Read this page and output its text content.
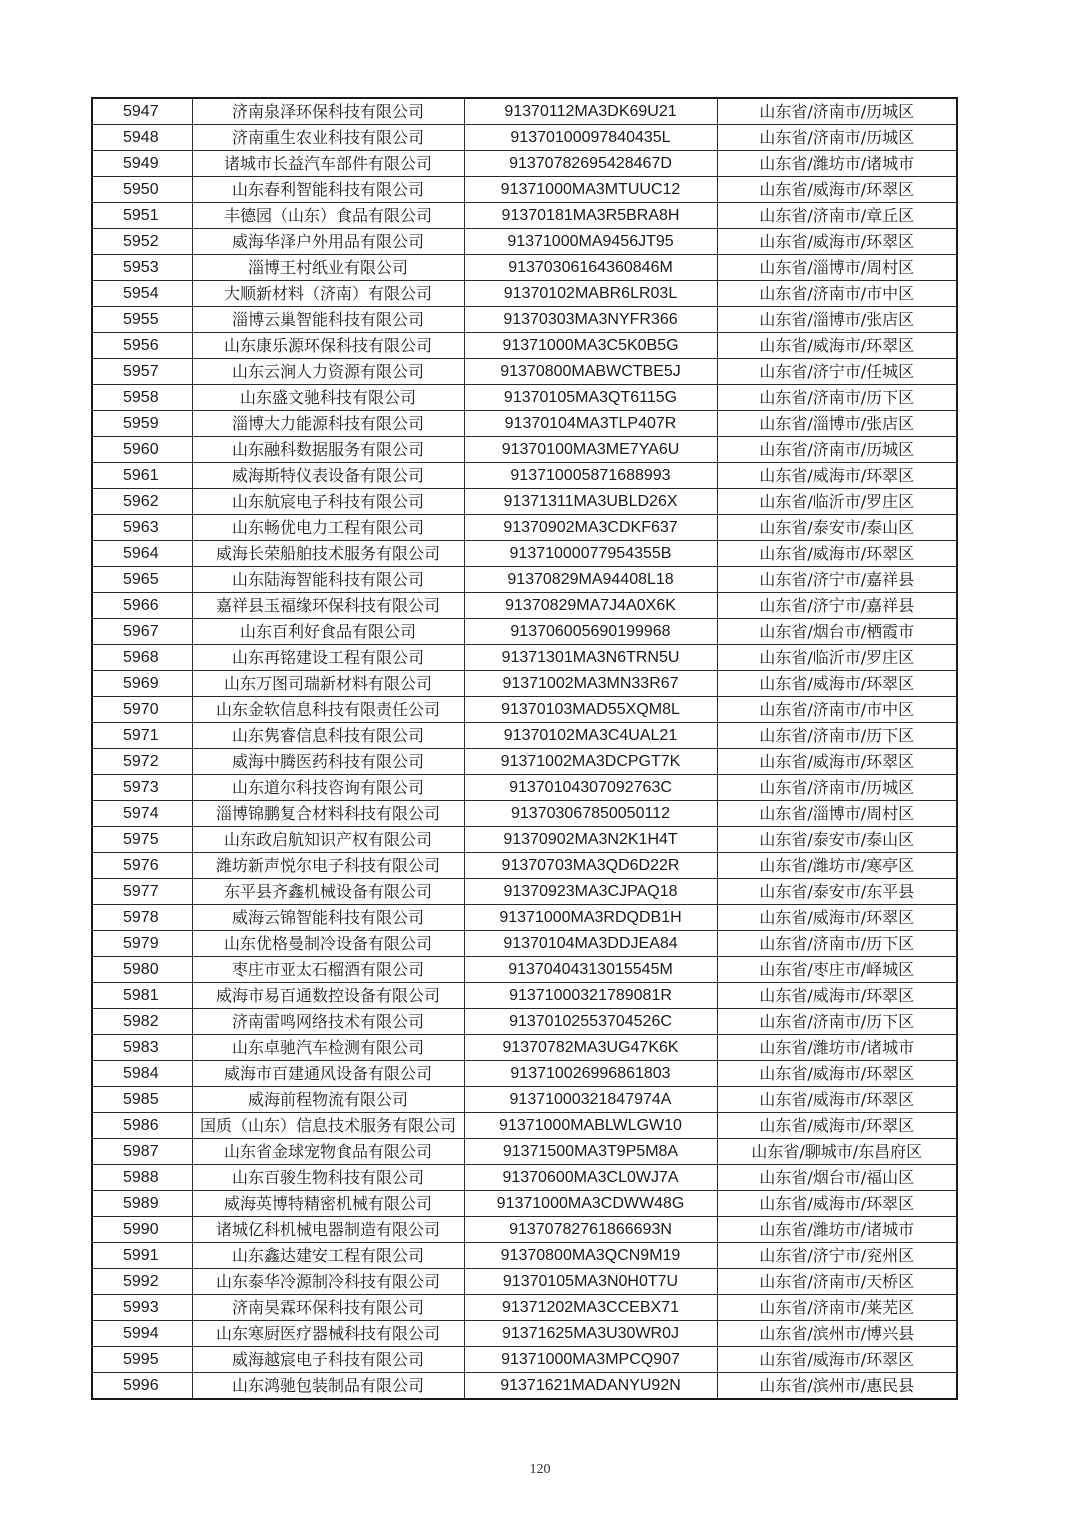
5947	济南泉泽环保科技有限公司	91370112MA3DK69U21	山东省/济南市/历城区
5948	济南重生农业科技有限公司	91370100097840435L	山东省/济南市/历城区
5949	诸城市长益汽车部件有限公司	91370782695428467D	山东省/潍坊市/诸城市
5950	山东春利智能科技有限公司	91371000MA3MTUUC12	山东省/威海市/环翠区
5951	丰德园（山东）食品有限公司	91370181MA3R5BRA8H	山东省/济南市/章丘区
5952	威海华泽户外用品有限公司	91371000MA9456JT95	山东省/威海市/环翠区
5953	淄博王村纸业有限公司	91370306164360846M	山东省/淄博市/周村区
5954	大顺新材料（济南）有限公司	91370102MABR6LR03L	山东省/济南市/市中区
5955	淄博云巢智能科技有限公司	91370303MA3NYFR366	山东省/淄博市/张店区
5956	山东康乐源环保科技有限公司	91371000MA3C5K0B5G	山东省/威海市/环翠区
5957	山东云涧人力资源有限公司	91370800MABWCTBE5J	山东省/济宁市/任城区
5958	山东盛文驰科技有限公司	91370105MA3QT6115G	山东省/济南市/历下区
5959	淄博大力能源科技有限公司	91370104MA3TLP407R	山东省/淄博市/张店区
5960	山东融科数据服务有限公司	91370100MA3ME7YA6U	山东省/济南市/历城区
5961	威海斯特仪表设备有限公司	913710005871688993	山东省/威海市/环翠区
5962	山东航宸电子科技有限公司	91371311MA3UBLD26X	山东省/临沂市/罗庄区
5963	山东畅优电力工程有限公司	91370902MA3CDKF637	山东省/泰安市/泰山区
5964	威海长荣船舶技术服务有限公司	91371000077954355B	山东省/威海市/环翠区
5965	山东陆海智能科技有限公司	91370829MA94408L18	山东省/济宁市/嘉祥县
5966	嘉祥县玉福缘环保科技有限公司	91370829MA7J4A0X6K	山东省/济宁市/嘉祥县
5967	山东百利好食品有限公司	913706005690199968	山东省/烟台市/栖霞市
5968	山东再铭建设工程有限公司	91371301MA3N6TRN5U	山东省/临沂市/罗庄区
5969	山东万图司瑞新材料有限公司	91371002MA3MN33R67	山东省/威海市/环翠区
5970	山东金软信息科技有限责任公司	91370103MAD55XQM8L	山东省/济南市/市中区
5971	山东隽睿信息科技有限公司	91370102MA3C4UAL21	山东省/济南市/历下区
5972	威海中腾医药科技有限公司	91371002MA3DCPGT7K	山东省/威海市/环翠区
5973	山东道尔科技咨询有限公司	91370104307092763C	山东省/济南市/历城区
5974	淄博锦鹏复合材料科技有限公司	913703067850050112	山东省/淄博市/周村区
5975	山东政启航知识产权有限公司	91370902MA3N2K1H4T	山东省/泰安市/泰山区
5976	潍坊新声悦尔电子科技有限公司	91370703MA3QD6D22R	山东省/潍坊市/寒亭区
5977	东平县齐鑫机械设备有限公司	91370923MA3CJPAQ18	山东省/泰安市/东平县
5978	威海云锦智能科技有限公司	91371000MA3RDQDB1H	山东省/威海市/环翠区
5979	山东优格曼制冷设备有限公司	91370104MA3DDJEA84	山东省/济南市/历下区
5980	枣庄市亚太石榴酒有限公司	91370404313015545M	山东省/枣庄市/峄城区
5981	威海市易百通数控设备有限公司	91371000321789081R	山东省/威海市/环翠区
5982	济南雷鸣网络技术有限公司	91370102553704526C	山东省/济南市/历下区
5983	山东卓驰汽车检测有限公司	91370782MA3UG47K6K	山东省/潍坊市/诸城市
5984	威海市百建通风设备有限公司	913710026996861803	山东省/威海市/环翠区
5985	威海前程物流有限公司	91371000321847974A	山东省/威海市/环翠区
5986	国质（山东）信息技术服务有限公司	91371000MABLWLGW10	山东省/威海市/环翠区
5987	山东省金球宠物食品有限公司	91371500MA3T9P5M8A	山东省/聊城市/东昌府区
5988	山东百骏生物科技有限公司	91370600MA3CL0WJ7A	山东省/烟台市/福山区
5989	威海英博特精密机械有限公司	91371000MA3CDWW48G	山东省/威海市/环翠区
5990	诸城亿科机械电器制造有限公司	91370782761866693N	山东省/潍坊市/诸城市
5991	山东鑫达建安工程有限公司	91370800MA3QCN9M19	山东省/济宁市/兖州区
5992	山东泰华冷源制冷科技有限公司	91370105MA3N0H0T7U	山东省/济南市/天桥区
5993	济南昊霖环保科技有限公司	91371202MA3CCEBX71	山东省/济南市/莱芜区
5994	山东寒厨医疗器械科技有限公司	91371625MA3U30WR0J	山东省/滨州市/博兴县
5995	威海越宸电子科技有限公司	91371000MA3MPCQ907	山东省/威海市/环翠区
5996	山东鸿驰包装制品有限公司	91371621MADANYU92N	山东省/滨州市/惠民县
120
